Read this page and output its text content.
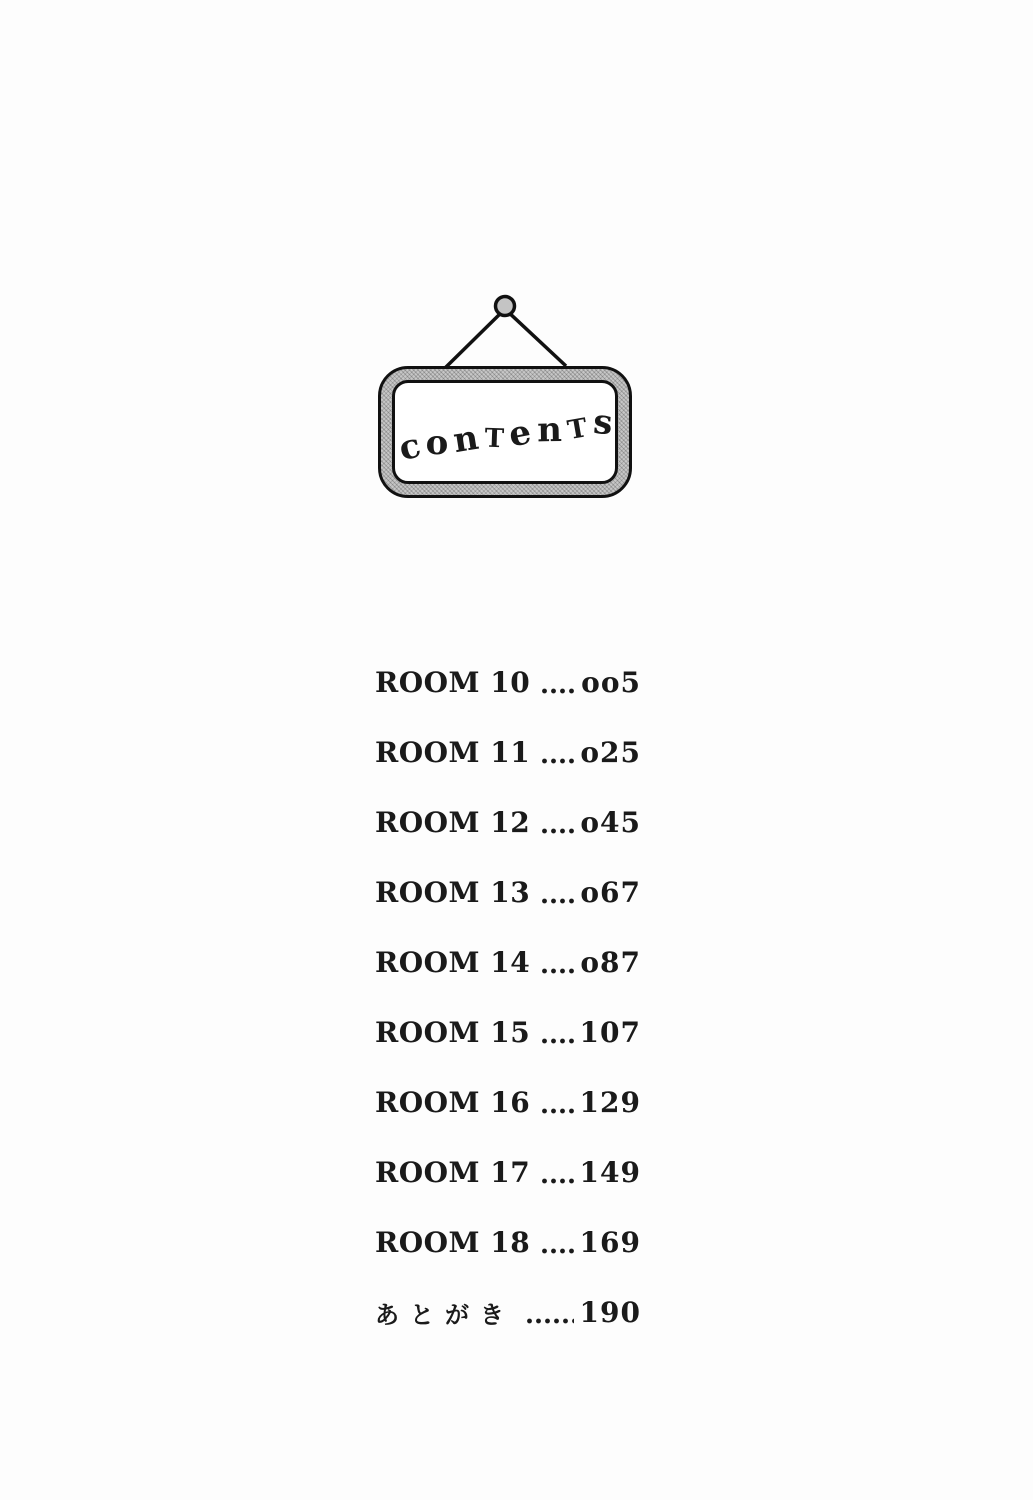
c o n T e n T s
ROOM 10 oo5
ROOM 11 o25
ROOM 12 o45
ROOM 13 o67
ROOM 14 o87
ROOM 15 107
ROOM 16 129
ROOM 17 149
ROOM 18 169
あとがき 190
